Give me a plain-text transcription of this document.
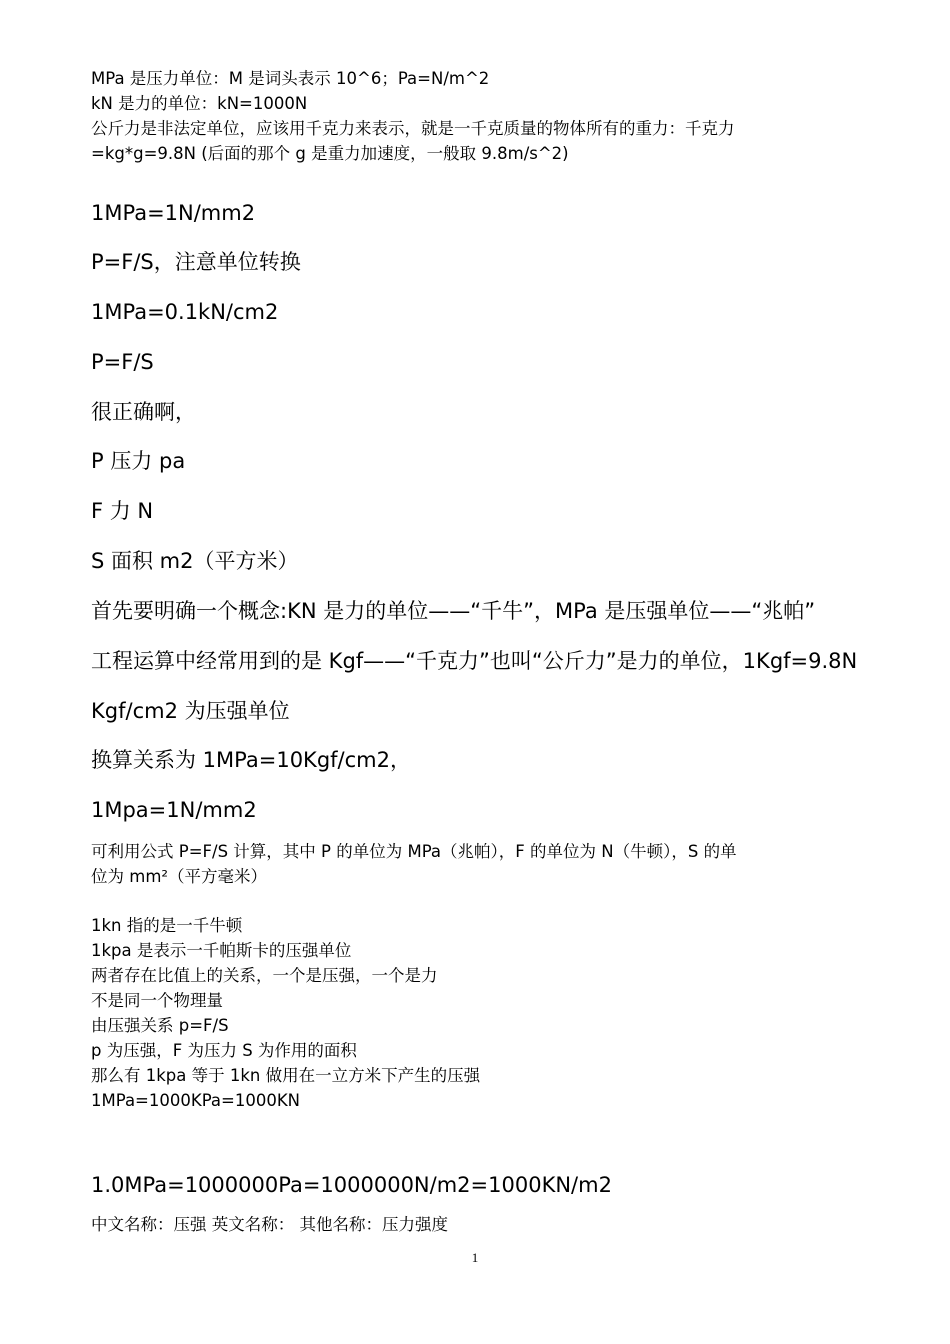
MPa 是压力单位：M 是词头表示 10^6；Pa=N/m^2
kN 是力的单位：kN=1000N
公斤力是非法定单位，应该用千克力来表示，就是一千克质量的物体所有的重力：千克力
=kg*g=9.8N (后面的那个 g 是重力加速度，一般取 9.8m/s^2)
1MPa=1N/mm2
P=F/S，注意单位转换
1MPa=0.1kN/cm2
P=F/S
很正确啊，
P 压力 pa
F 力 N
S 面积 m2（平方米）
首先要明确一个概念:KN 是力的单位——“千牛”，MPa 是压强单位——“兆帕”
工程运算中经常用到的是 Kgf——“千克力”也叫“公斤力”是力的单位，1Kgf=9.8N
Kgf/cm2 为压强单位
换算关系为 1MPa=10Kgf/cm2，
1Mpa=1N/mm2
可利用公式 P=F/S 计算，其中 P 的单位为 MPa（兆帕），F 的单位为 N（牛顿），S 的单
位为 mm²（平方毫米）
1kn 指的是一千牛顿
1kpa 是表示一千帕斯卡的压强单位
两者存在比值上的关系，一个是压强，一个是力
不是同一个物理量
由压强关系 p=F/S
p 为压强，F 为压力 S 为作用的面积
那么有 1kpa 等于 1kn 做用在一立方米下产生的压强
1MPa=1000KPa=1000KN
1.0MPa=1000000Pa=1000000N/m2=1000KN/m2
中文名称：压强 英文名称： 其他名称：压力强度
1
